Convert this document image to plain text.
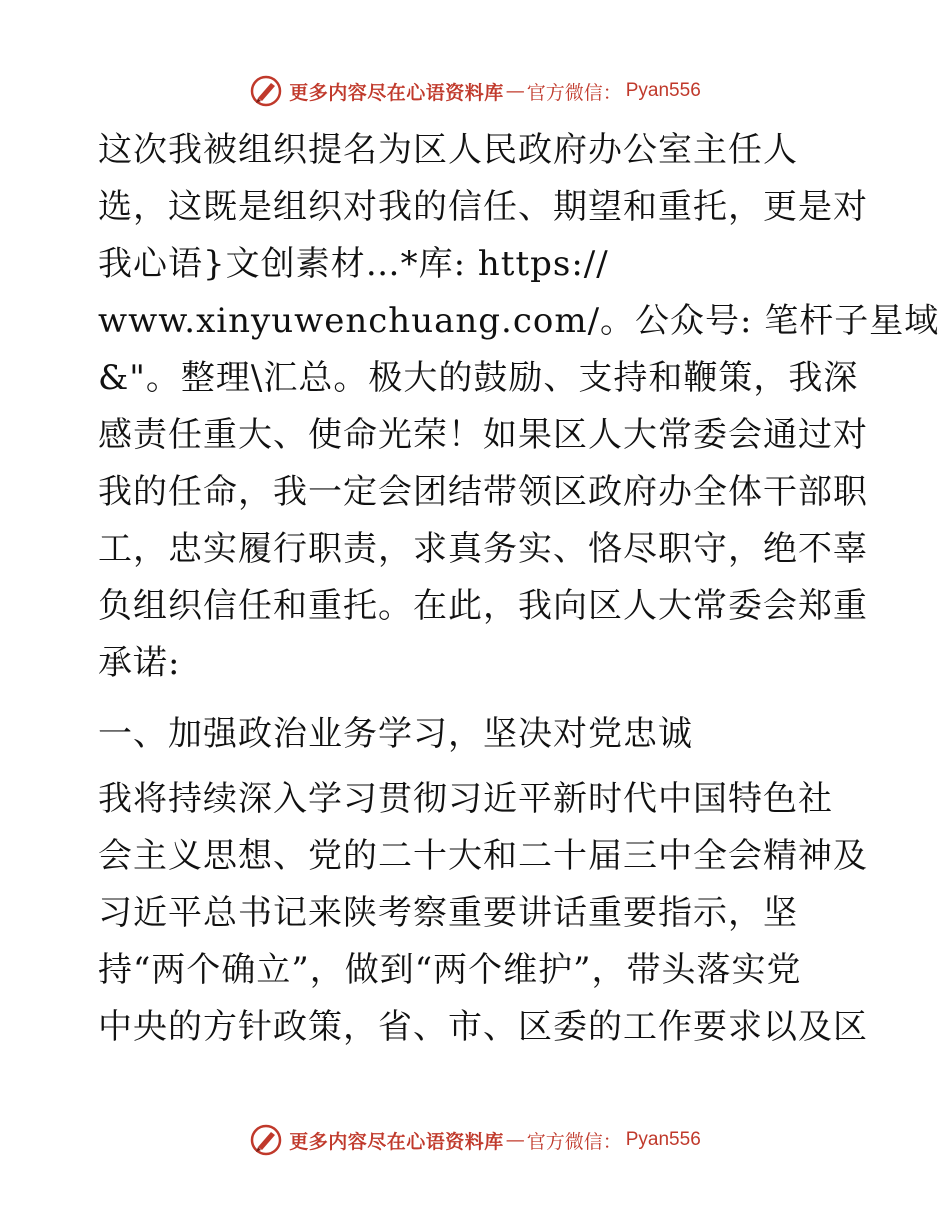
更多内容尽在心语资料库 — 官方微信： Pyan556
这次我被组织提名为区人民政府办公室主任人
选，这既是组织对我的信任、期望和重托，更是对
我心语}文创素材…*库: https://
www.xinyuwenchuang.com/。公众号: 笔杆子星域
&"。整理\汇总。极大的鼓励、支持和鞭策，我深
感责任重大、使命光荣！如果区人大常委会通过对
我的任命，我一定会团结带领区政府办全体干部职
工，忠实履行职责，求真务实、恪尽职守，绝不辜
负组织信任和重托。在此，我向区人大常委会郑重
承诺:
一、加强政治业务学习，坚决对党忠诚
我将持续深入学习贯彻习近平新时代中国特色社
会主义思想、党的二十大和二十届三中全会精神及
习近平总书记来陕考察重要讲话重要指示，坚
持“两个确立”，做到“两个维护”，带头落实党
中央的方针政策，省、市、区委的工作要求以及区
更多内容尽在心语资料库 — 官方微信： Pyan556
